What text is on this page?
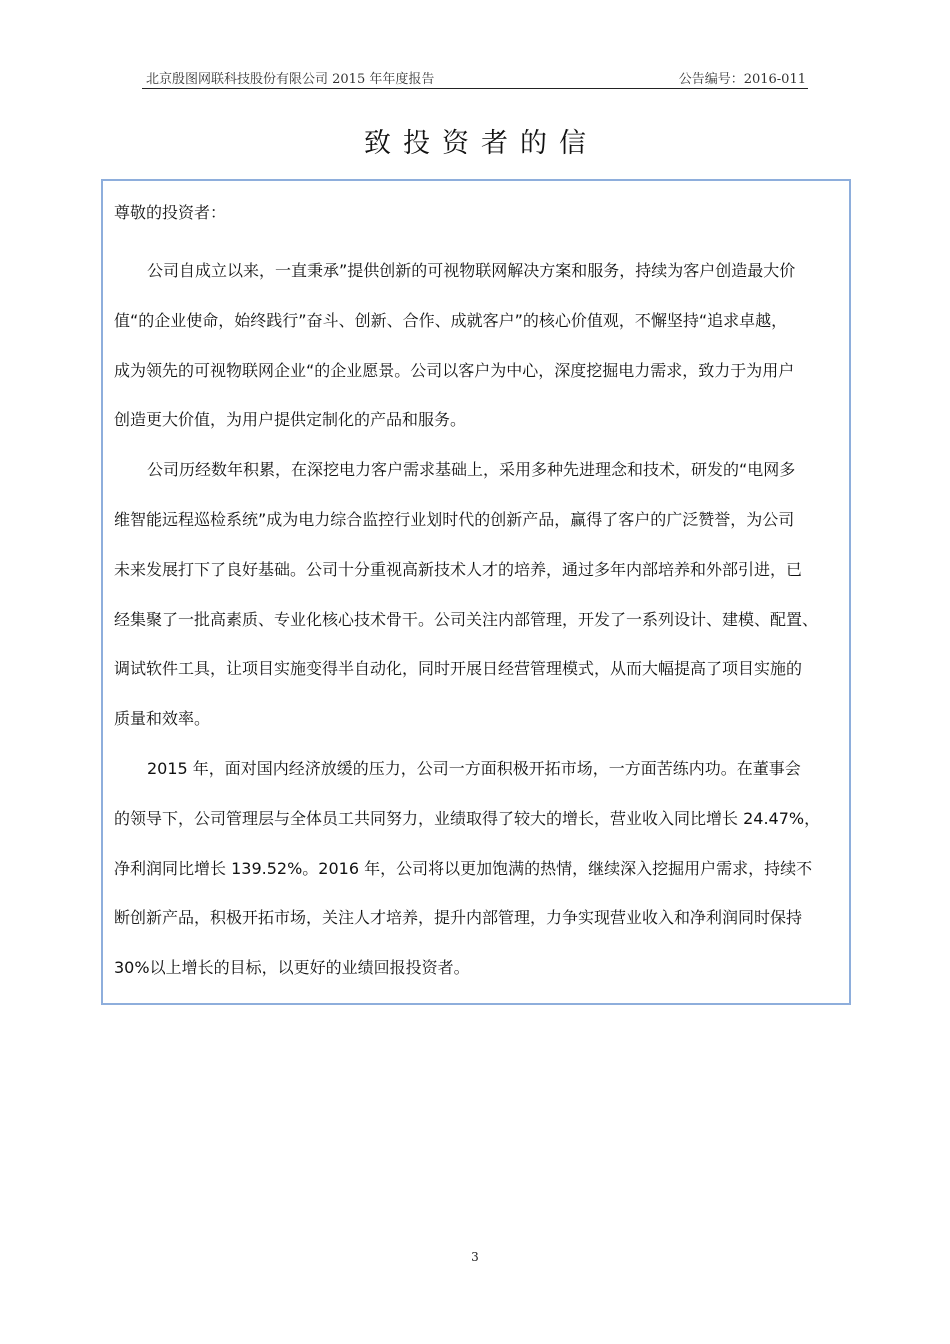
北京殷图网联科技股份有限公司 2015 年年度报告	公告编号：2016-011
致投资者的信

尊敬的投资者：

公司自成立以来，一直秉承”提供创新的可视物联网解决方案和服务，持续为客户创造最大价
值“的企业使命，始终践行”奋斗、创新、合作、成就客户”的核心价值观，不懈坚持“追求卓越，
成为领先的可视物联网企业“的企业愿景。公司以客户为中心，深度挖掘电力需求，致力于为用户
创造更大价值，为用户提供定制化的产品和服务。
公司历经数年积累，在深挖电力客户需求基础上，采用多种先进理念和技术，研发的“电网多
维智能远程巡检系统”成为电力综合监控行业划时代的创新产品，赢得了客户的广泛赞誉，为公司
未来发展打下了良好基础。公司十分重视高新技术人才的培养，通过多年内部培养和外部引进，已
经集聚了一批高素质、专业化核心技术骨干。公司关注内部管理，开发了一系列设计、建模、配置、
调试软件工具，让项目实施变得半自动化，同时开展日经营管理模式，从而大幅提高了项目实施的
质量和效率。
2015 年，面对国内经济放缓的压力，公司一方面积极开拓市场，一方面苦练内功。在董事会
的领导下，公司管理层与全体员工共同努力，业绩取得了较大的增长，营业收入同比增长 24.47%，
净利润同比增长 139.52%。2016 年，公司将以更加饱满的热情，继续深入挖掘用户需求，持续不
断创新产品，积极开拓市场，关注人才培养，提升内部管理，力争实现营业收入和净利润同时保持
30%以上增长的目标，以更好的业绩回报投资者。
3
